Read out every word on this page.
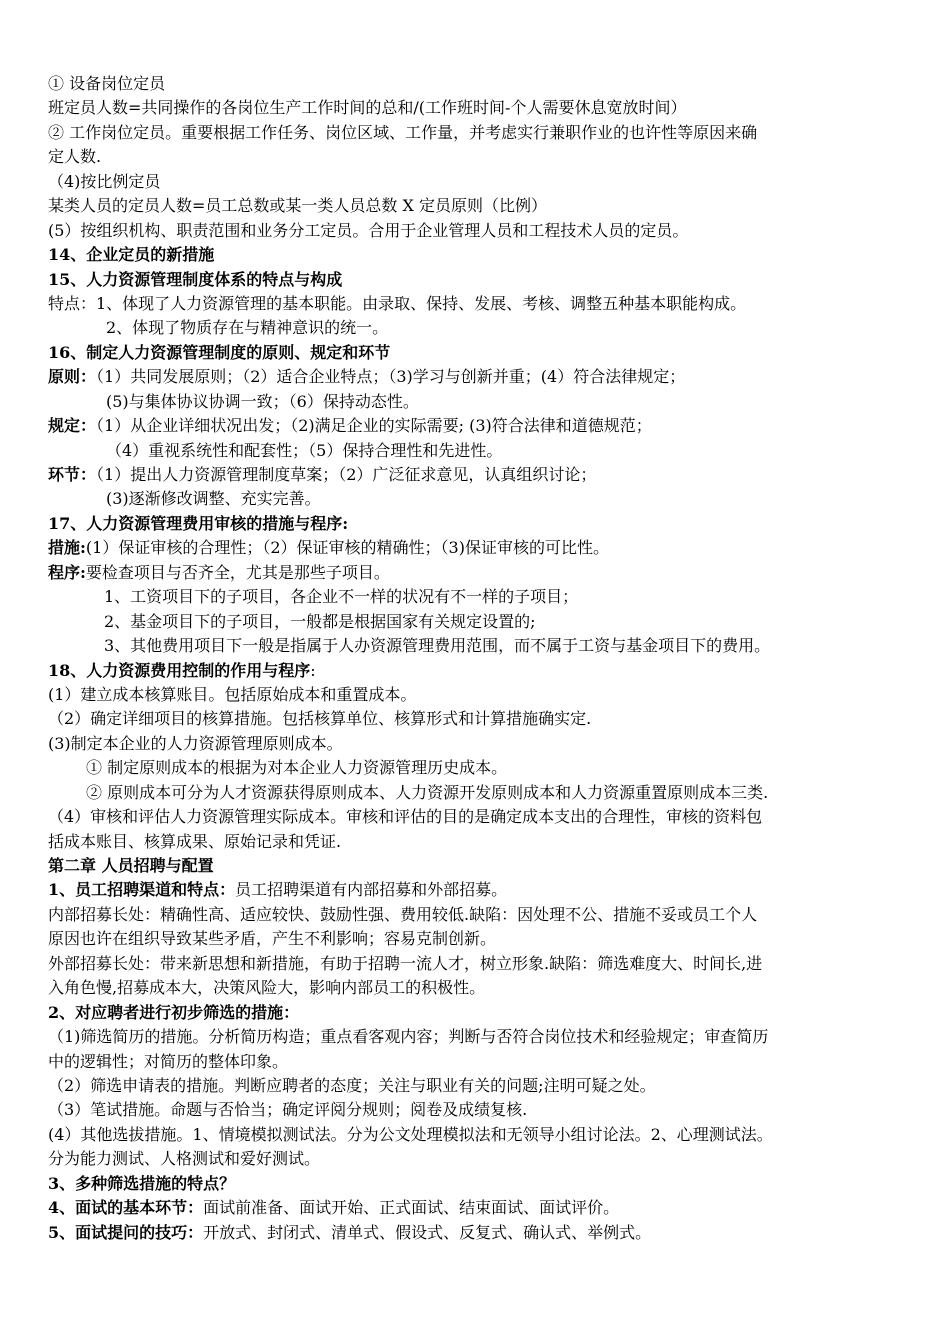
① 设备岗位定员
班定员人数=共同操作的各岗位生产工作时间的总和/(工作班时间-个人需要休息宽放时间）
② 工作岗位定员。重要根据工作任务、岗位区域、工作量，并考虑实行兼职作业的也许性等原因来确
定人数.
（4)按比例定员
某类人员的定员人数=员工总数或某一类人员总数 X 定员原则（比例）
(5）按组织机构、职责范围和业务分工定员。合用于企业管理人员和工程技术人员的定员。
14、企业定员的新措施
15、人力资源管理制度体系的特点与构成
特点：1、体现了人力资源管理的基本职能。由录取、保持、发展、考核、调整五种基本职能构成。
2、体现了物质存在与精神意识的统一。
16、制定人力资源管理制度的原则、规定和环节
原则：（1）共同发展原则；（2）适合企业特点；（3)学习与创新并重；(4）符合法律规定；
(5)与集体协议协调一致；（6）保持动态性。
规定：（1）从企业详细状况出发；（2)满足企业的实际需要; (3)符合法律和道德规范；
（4）重视系统性和配套性；（5）保持合理性和先进性。
环节：（1）提出人力资源管理制度草案；（2）广泛征求意见，认真组织讨论；
(3)逐渐修改调整、充实完善。
17、人力资源管理费用审核的措施与程序:
措施:(1）保证审核的合理性；（2）保证审核的精确性；（3)保证审核的可比性。
程序:要检查项目与否齐全，尤其是那些子项目。
1、工资项目下的子项目，各企业不一样的状况有不一样的子项目；
2、基金项目下的子项目，一般都是根据国家有关规定设置的;
3、其他费用项目下一般是指属于人办资源管理费用范围，而不属于工资与基金项目下的费用。
18、人力资源费用控制的作用与程序:
(1）建立成本核算账目。包括原始成本和重置成本。
（2）确定详细项目的核算措施。包括核算单位、核算形式和计算措施确实定.
(3)制定本企业的人力资源管理原则成本。
① 制定原则成本的根据为对本企业人力资源管理历史成本。
② 原则成本可分为人才资源获得原则成本、人力资源开发原则成本和人力资源重置原则成本三类.
（4）审核和评估人力资源管理实际成本。审核和评估的目的是确定成本支出的合理性，审核的资料包
括成本账目、核算成果、原始记录和凭证.
第二章 人员招聘与配置
1、员工招聘渠道和特点：员工招聘渠道有内部招募和外部招募。
内部招募长处：精确性高、适应较快、鼓励性强、费用较低.缺陷：因处理不公、措施不妥或员工个人
原因也许在组织导致某些矛盾，产生不利影响；容易克制创新。
外部招募长处：带来新思想和新措施，有助于招聘一流人才，树立形象.缺陷：筛选难度大、时间长,进
入角色慢,招募成本大，决策风险大，影响内部员工的积极性。
2、对应聘者进行初步筛选的措施：
（1)筛选简历的措施。分析简历构造；重点看客观内容；判断与否符合岗位技术和经验规定；审查简历
中的逻辑性；对简历的整体印象。
（2）筛选申请表的措施。判断应聘者的态度；关注与职业有关的问题;注明可疑之处。
（3）笔试措施。命题与否恰当；确定评阅分规则；阅卷及成绩复核.
(4）其他选拔措施。1、情境模拟测试法。分为公文处理模拟法和无领导小组讨论法。2、心理测试法。
分为能力测试、人格测试和爱好测试。
3、多种筛选措施的特点？
4、面试的基本环节：面试前准备、面试开始、正式面试、结束面试、面试评价。
5、面试提问的技巧：开放式、封闭式、清单式、假设式、反复式、确认式、举例式。
